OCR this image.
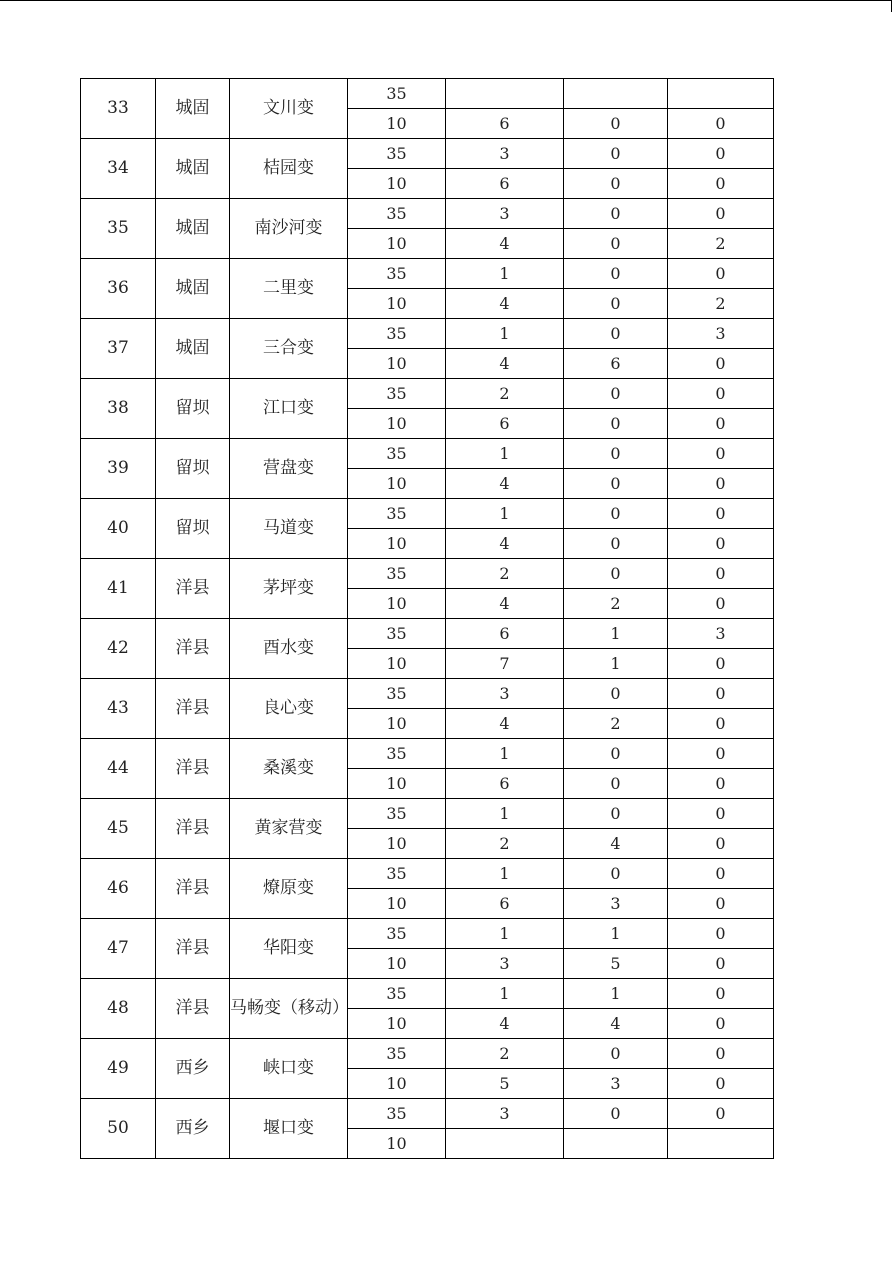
33	城固	文川变	35			
			10	6	0	0
34	城固	桔园变	35	3	0	0
			10	6	0	0
35	城固	南沙河变	35	3	0	0
			10	4	0	2
36	城固	二里变	35	1	0	0
			10	4	0	2
37	城固	三合变	35	1	0	3
			10	4	6	0
38	留坝	江口变	35	2	0	0
			10	6	0	0
39	留坝	营盘变	35	1	0	0
			10	4	0	0
40	留坝	马道变	35	1	0	0
			10	4	0	0
41	洋县	茅坪变	35	2	0	0
			10	4	2	0
42	洋县	酉水变	35	6	1	3
			10	7	1	0
43	洋县	良心变	35	3	0	0
			10	4	2	0
44	洋县	桑溪变	35	1	0	0
			10	6	0	0
45	洋县	黄家营变	35	1	0	0
			10	2	4	0
46	洋县	燎原变	35	1	0	0
			10	6	3	0
47	洋县	华阳变	35	1	1	0
			10	3	5	0
48	洋县	马畅变（移动）	35	1	1	0
			10	4	4	0
49	西乡	峡口变	35	2	0	0
			10	5	3	0
50	西乡	堰口变	35	3	0	0
			10			
